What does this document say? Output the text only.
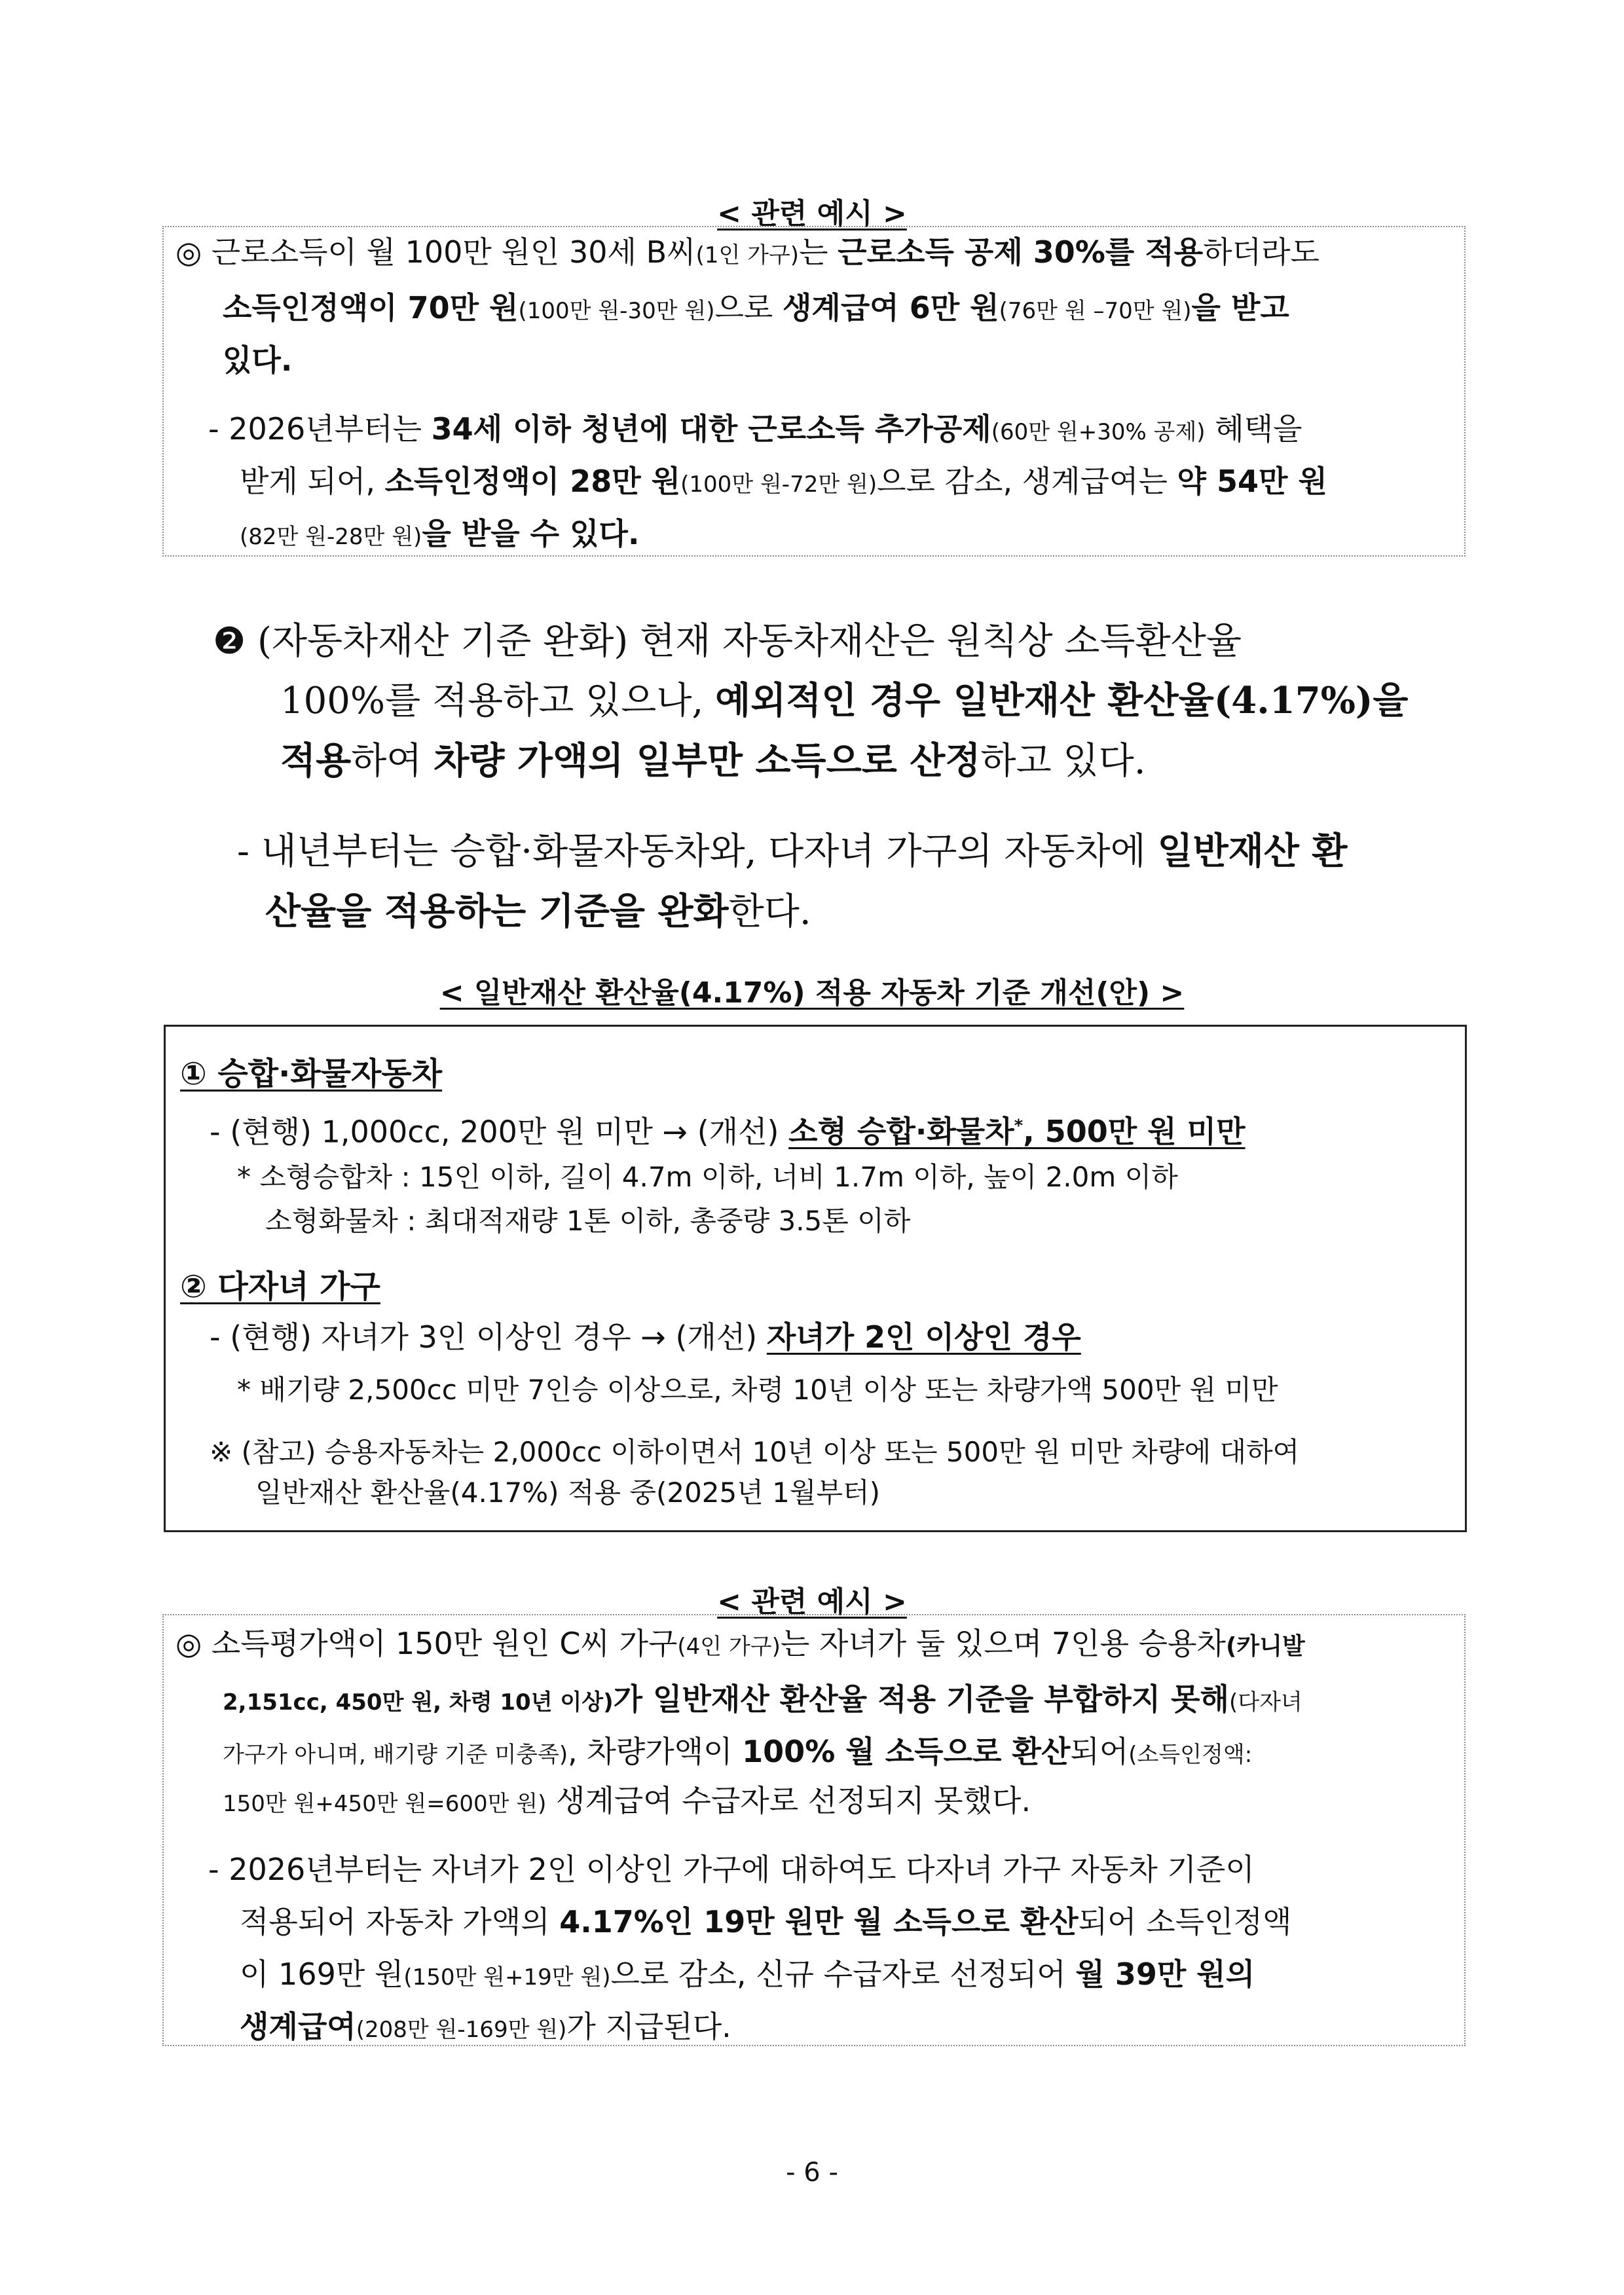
< 관련 예시 >
◎ 근로소득이 월 100만 원인 30세 B씨(1인 가구)는 근로소득 공제 30%를 적용하더라도
소득인정액이 70만 원(100만 원-30만 원)으로 생계급여 6만 원(76만 원 –70만 원)을 받고
있다.
- 2026년부터는 34세 이하 청년에 대한 근로소득 추가공제(60만 원+30% 공제) 혜택을
받게 되어, 소득인정액이 28만 원(100만 원-72만 원)으로 감소, 생계급여는 약 54만 원
(82만 원-28만 원)을 받을 수 있다.
❷ (자동차재산 기준 완화) 현재 자동차재산은 원칙상 소득환산율
100%를 적용하고 있으나, 예외적인 경우 일반재산 환산율(4.17%)을
적용하여 차량 가액의 일부만 소득으로 산정하고 있다.
- 내년부터는 승합·화물자동차와, 다자녀 가구의 자동차에 일반재산 환
산율을 적용하는 기준을 완화한다.
< 일반재산 환산율(4.17%) 적용 자동차 기준 개선(안) >
① 승합·화물자동차
- (현행) 1,000cc, 200만 원 미만 → (개선) 소형 승합·화물차*, 500만 원 미만
* 소형승합차 : 15인 이하, 길이 4.7m 이하, 너비 1.7m 이하, 높이 2.0m 이하
소형화물차 : 최대적재량 1톤 이하, 총중량 3.5톤 이하
② 다자녀 가구
- (현행) 자녀가 3인 이상인 경우 → (개선) 자녀가 2인 이상인 경우
* 배기량 2,500cc 미만 7인승 이상으로, 차령 10년 이상 또는 차량가액 500만 원 미만
※ (참고) 승용자동차는 2,000cc 이하이면서 10년 이상 또는 500만 원 미만 차량에 대하여
일반재산 환산율(4.17%) 적용 중(2025년 1월부터)
< 관련 예시 >
◎ 소득평가액이 150만 원인 C씨 가구(4인 가구)는 자녀가 둘 있으며 7인용 승용차(카니발
2,151cc, 450만 원, 차령 10년 이상)가 일반재산 환산율 적용 기준을 부합하지 못해(다자녀
가구가 아니며, 배기량 기준 미충족), 차량가액이 100% 월 소득으로 환산되어(소득인정액:
150만 원+450만 원=600만 원) 생계급여 수급자로 선정되지 못했다.
- 2026년부터는 자녀가 2인 이상인 가구에 대하여도 다자녀 가구 자동차 기준이
적용되어 자동차 가액의 4.17%인 19만 원만 월 소득으로 환산되어 소득인정액
이 169만 원(150만 원+19만 원)으로 감소, 신규 수급자로 선정되어 월 39만 원의
생계급여(208만 원-169만 원)가 지급된다.
- 6 -
